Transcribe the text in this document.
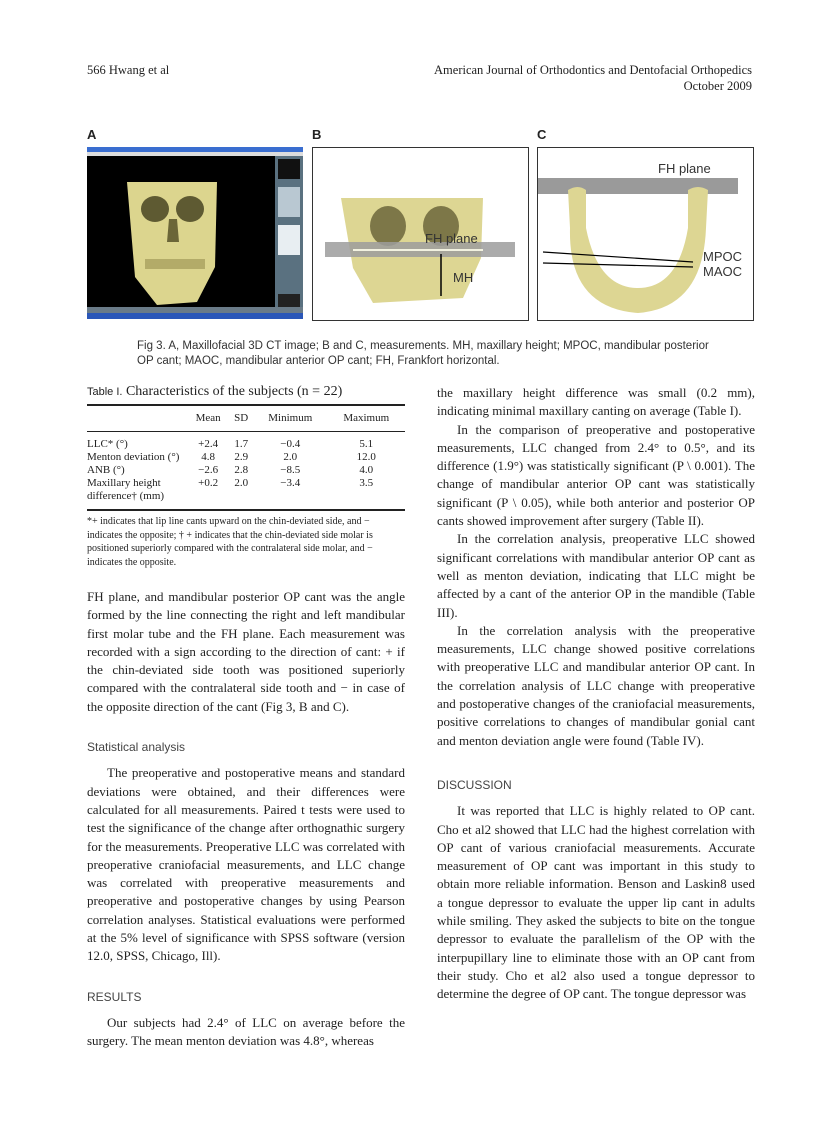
566 Hwang et al	American Journal of Orthodontics and Dentofacial Orthopedics
October 2009
A	B	C
FH plane
MH
FH plane
MPOC
MAOC
Fig 3. A, Maxillofacial 3D CT image; B and C, measurements. MH, maxillary height; MPOC, mandibular posterior OP cant; MAOC, mandibular anterior OP cant; FH, Frankfort horizontal.
Table I. Characteristics of the subjects (n = 22)
	Mean	SD	Minimum	Maximum

LLC* (°)	+2.4	1.7	−0.4	5.1
Menton deviation (°)	4.8	2.9	2.0	12.0
ANB (°)	−2.6	2.8	−8.5	4.0
Maxillary height difference† (mm)	+0.2	2.0	−3.4	3.5
*+ indicates that lip line cants upward on the chin-deviated side, and − indicates the opposite; † + indicates that the chin-deviated side molar is positioned superiorly compared with the contralateral side molar, and − indicates the opposite.

FH plane, and mandibular posterior OP cant was the angle formed by the line connecting the right and left mandibular first molar tube and the FH plane. Each measurement was recorded with a sign according to the direction of cant: + if the chin-deviated side tooth was positioned superiorly compared with the contralateral side tooth and − in case of the opposite direction of the cant (Fig 3, B and C).

Statistical analysis

The preoperative and postoperative means and standard deviations were obtained, and their differences were calculated for all measurements. Paired t tests were used to test the significance of the change after orthognathic surgery for the measurements. Preoperative LLC was correlated with preoperative craniofacial measurements, and LLC change was correlated with preoperative measurements and preoperative and postoperative changes by using Pearson correlation analyses. Statistical evaluations were performed at the 5% level of significance with SPSS software (version 12.0, SPSS, Chicago, Ill).

RESULTS

Our subjects had 2.4° of LLC on average before the surgery. The mean menton deviation was 4.8°, whereas

the maxillary height difference was small (0.2 mm), indicating minimal maxillary canting on average (Table I).

In the comparison of preoperative and postoperative measurements, LLC changed from 2.4° to 0.5°, and its difference (1.9°) was statistically significant (P \ 0.001). The change of mandibular anterior OP cant was statistically significant (P \ 0.05), while both anterior and posterior OP cants showed improvement after surgery (Table II).

In the correlation analysis, preoperative LLC showed significant correlations with mandibular anterior OP cant as well as menton deviation, indicating that LLC might be affected by a cant of the anterior OP in the mandible (Table III).

In the correlation analysis with the preoperative measurements, LLC change showed positive correlations with preoperative LLC and mandibular anterior OP cant. In the correlation analysis of LLC change with preoperative and postoperative changes of the craniofacial measurements, positive correlations to changes of mandibular gonial cant and menton deviation angle were found (Table IV).

DISCUSSION

It was reported that LLC is highly related to OP cant. Cho et al2 showed that LLC had the highest correlation with OP cant of various craniofacial measurements. Accurate measurement of OP cant was important in this study to obtain more reliable information. Benson and Laskin8 used a tongue depressor to evaluate the upper lip cant in adults while smiling. They asked the subjects to bite on the tongue depressor to evaluate the parallelism of the OP with the interpupillary line to eliminate those with an OP cant from their study. Cho et al2 also used a tongue depressor to determine the degree of OP cant. The tongue depressor was
